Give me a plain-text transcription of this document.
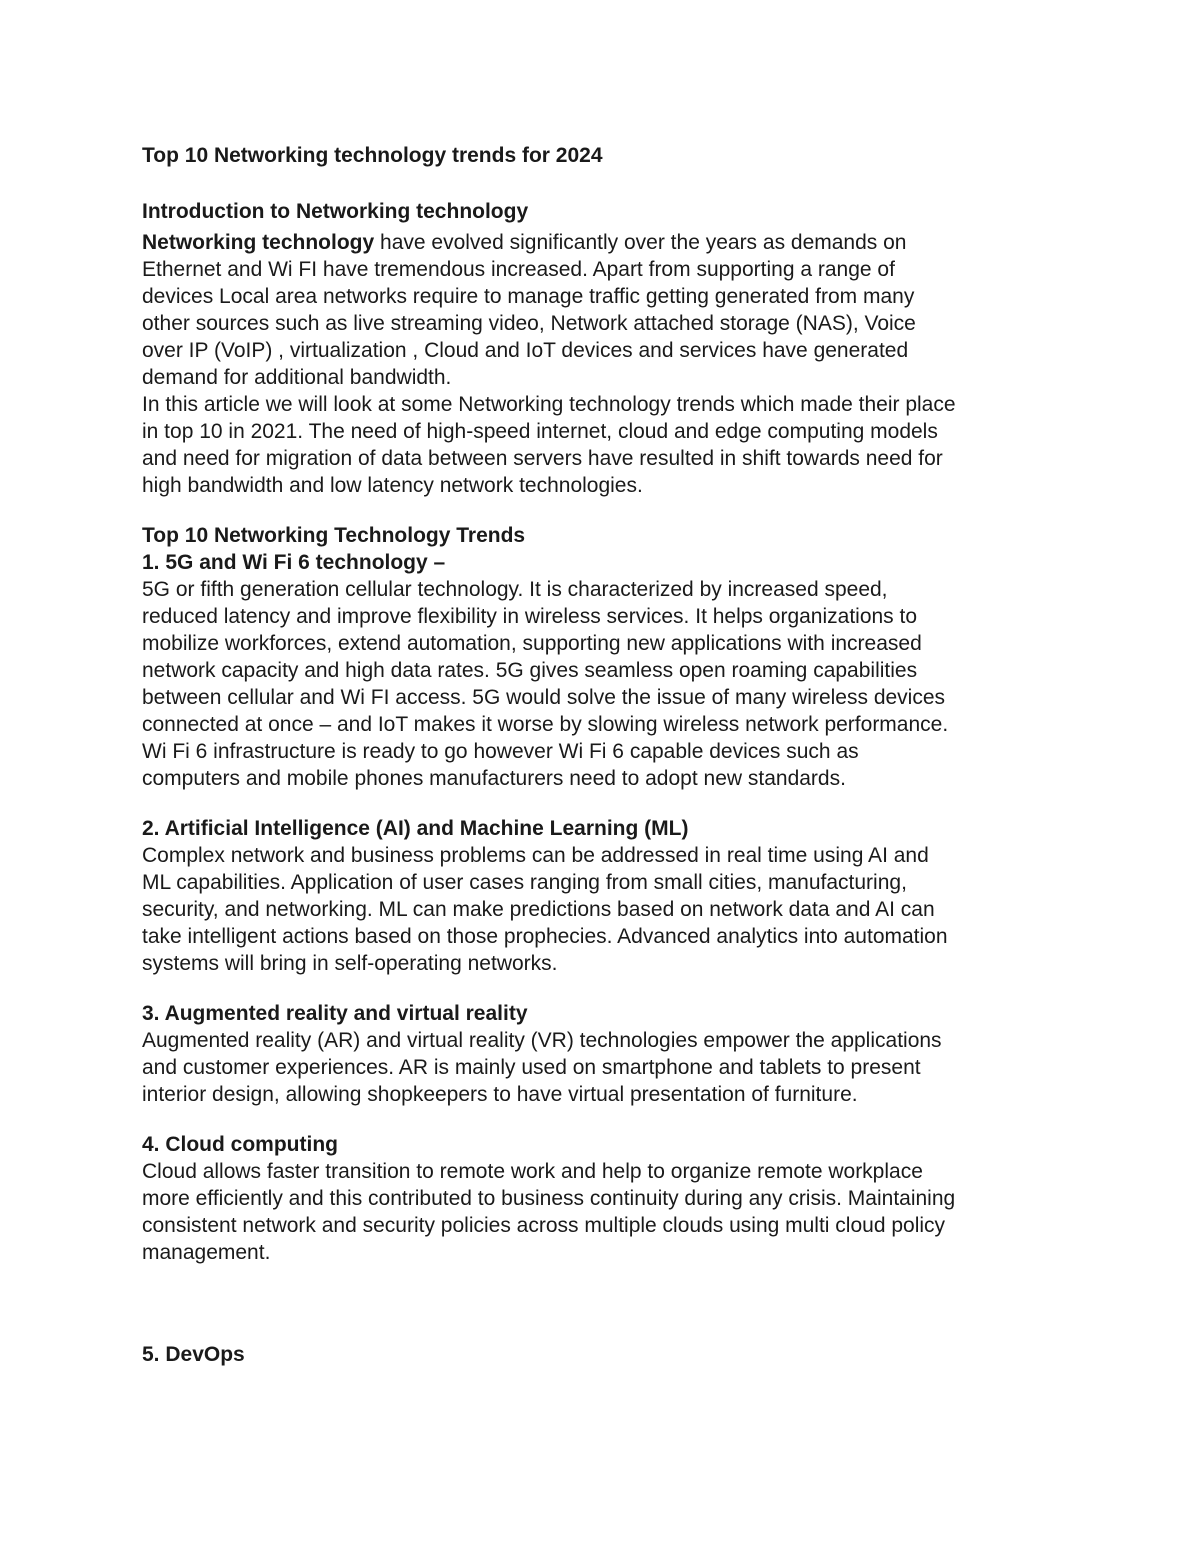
Top 10 Networking technology trends for 2024
Introduction to Networking technology

Networking technology have evolved significantly over the years as demands on
Ethernet and Wi FI have tremendous increased. Apart from supporting a range of
devices Local area networks require to manage traffic getting generated from many
other sources such as live streaming video, Network attached storage (NAS), Voice
over IP (VoIP) , virtualization , Cloud and IoT devices and services have generated
demand for additional bandwidth.

In this article we will look at some Networking technology trends which made their place
in top 10 in 2021. The need of high-speed internet, cloud and edge computing models
and need for migration of data between servers have resulted in shift towards need for
high bandwidth and low latency network technologies.

Top 10 Networking Technology Trends
1. 5G and Wi Fi 6 technology –

5G or fifth generation cellular technology. It is characterized by increased speed,
reduced latency and improve flexibility in wireless services. It helps organizations to
mobilize workforces, extend automation, supporting new applications with increased
network capacity and high data rates. 5G gives seamless open roaming capabilities
between cellular and Wi FI access. 5G would solve the issue of many wireless devices
connected at once – and IoT makes it worse by slowing wireless network performance.
Wi Fi 6 infrastructure is ready to go however Wi Fi 6 capable devices such as
computers and mobile phones manufacturers need to adopt new standards.

2. Artificial Intelligence (AI) and Machine Learning (ML)

Complex network and business problems can be addressed in real time using AI and
ML capabilities. Application of user cases ranging from small cities, manufacturing,
security, and networking. ML can make predictions based on network data and AI can
take intelligent actions based on those prophecies. Advanced analytics into automation
systems will bring in self-operating networks.

3. Augmented reality and virtual reality

Augmented reality (AR) and virtual reality (VR) technologies empower the applications
and customer experiences. AR is mainly used on smartphone and tablets to present
interior design, allowing shopkeepers to have virtual presentation of furniture.

4. Cloud computing

Cloud allows faster transition to remote work and help to organize remote workplace
more efficiently and this contributed to business continuity during any crisis. Maintaining
consistent network and security policies across multiple clouds using multi cloud policy
management.

5. DevOps
